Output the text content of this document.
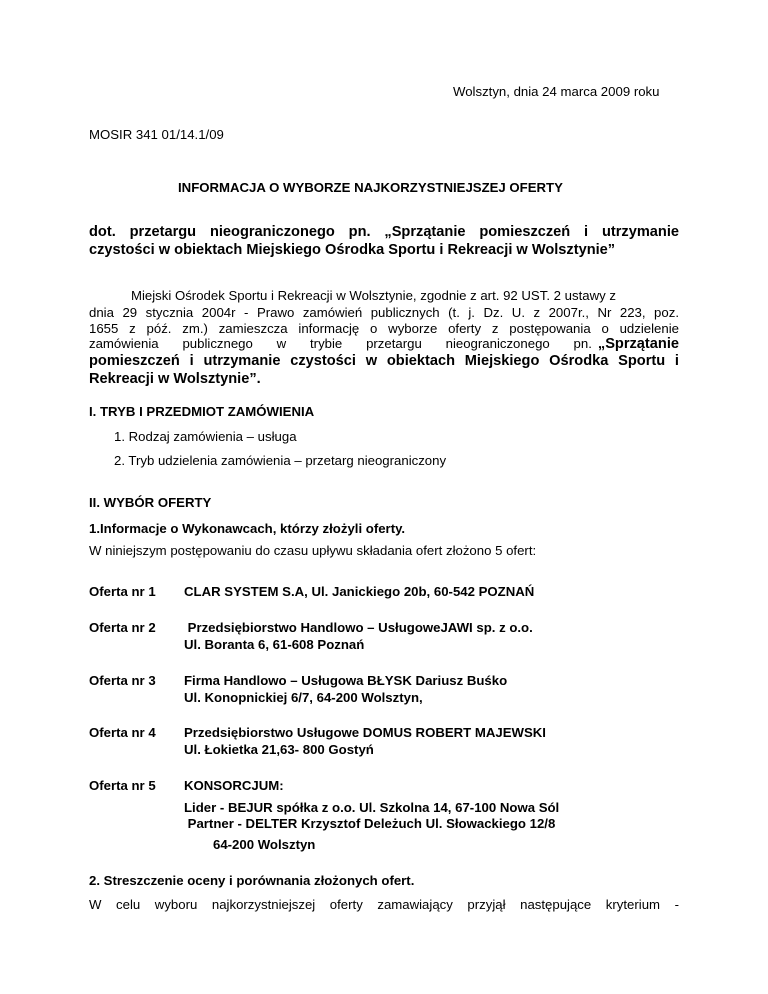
Wolsztyn, dnia 24 marca 2009 roku
MOSIR 341 01/14.1/09
INFORMACJA O WYBORZE NAJKORZYSTNIEJSZEJ OFERTY
dot. przetargu nieograniczonego pn. „Sprzątanie pomieszczeń i utrzymanie
czystości w obiektach Miejskiego Ośrodka Sportu i Rekreacji w Wolsztynie”
Miejski Ośrodek Sportu i Rekreacji w Wolsztynie, zgodnie z art. 92 UST. 2 ustawy z
dnia 29 stycznia 2004r - Prawo zamówień publicznych (t. j. Dz. U. z 2007r., Nr 223, poz.
1655 z póź. zm.) zamieszcza informację o wyborze oferty z postępowania o udzielenie
zamówienia publicznego w trybie przetargu nieograniczonego pn. „Sprzątanie
pomieszczeń i utrzymanie czystości w obiektach Miejskiego Ośrodka Sportu i
Rekreacji w Wolsztynie”.
I. TRYB I PRZEDMIOT ZAMÓWIENIA
1. Rodzaj zamówienia – usługa
2. Tryb udzielenia zamówienia – przetarg nieograniczony
II. WYBÓR OFERTY
1.Informacje o Wykonawcach, którzy złożyli oferty.
W niniejszym postępowaniu do czasu upływu składania ofert złożono 5 ofert:
Oferta nr 1 CLAR SYSTEM S.A, Ul. Janickiego 20b, 60-542 POZNAŃ
Oferta nr 2 Przedsiębiorstwo Handlowo – UsługoweJAWI sp. z o.o.
Ul. Boranta 6, 61-608 Poznań
Oferta nr 3 Firma Handlowo – Usługowa BŁYSK Dariusz Buśko
Ul. Konopnickiej 6/7, 64-200 Wolsztyn,
Oferta nr 4 Przedsiębiorstwo Usługowe DOMUS ROBERT MAJEWSKI
Ul. Łokietka 21,63- 800 Gostyń
Oferta nr 5 KONSORCJUM:
Lider - BEJUR spółka z o.o. Ul. Szkolna 14, 67-100 Nowa Sól
Partner - DELTER Krzysztof Deleżuch Ul. Słowackiego 12/8
64-200 Wolsztyn
2. Streszczenie oceny i porównania złożonych ofert.
W celu wyboru najkorzystniejszej oferty zamawiający przyjął następujące kryterium -
